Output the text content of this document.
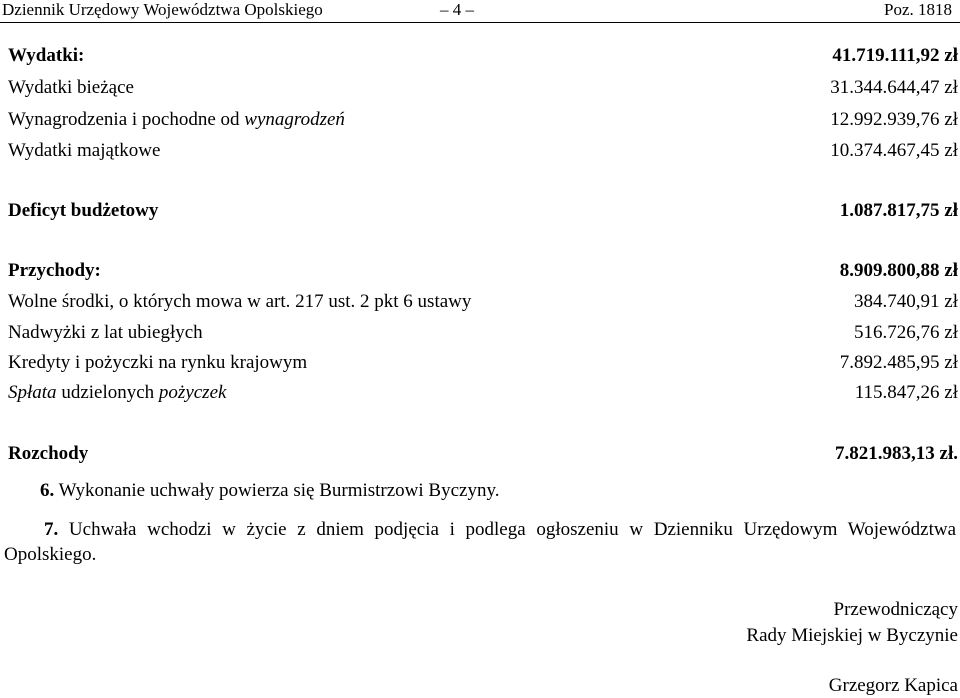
Dziennik Urzędowy Województwa Opolskiego	– 4 –	Poz. 1818
Wydatki:	41.719.111,92 zł
Wydatki bieżące	31.344.644,47 zł
Wynagrodzenia i pochodne od wynagrodzeń	12.992.939,76 zł
Wydatki majątkowe	10.374.467,45 zł
Deficyt budżetowy	1.087.817,75 zł
Przychody:	8.909.800,88 zł
Wolne środki, o których mowa w art. 217 ust. 2 pkt 6 ustawy	384.740,91 zł
Nadwyżki z lat ubiegłych	516.726,76 zł
Kredyty i pożyczki na rynku krajowym	7.892.485,95 zł
Spłata udzielonych pożyczek	115.847,26 zł
Rozchody	7.821.983,13 zł.
6. Wykonanie uchwały powierza się Burmistrzowi Byczyny.
7. Uchwała wchodzi w życie z dniem podjęcia i podlega ogłoszeniu w Dzienniku Urzędowym Województwa Opolskiego.
Przewodniczący
Rady Miejskiej w Byczynie
Grzegorz Kapica
